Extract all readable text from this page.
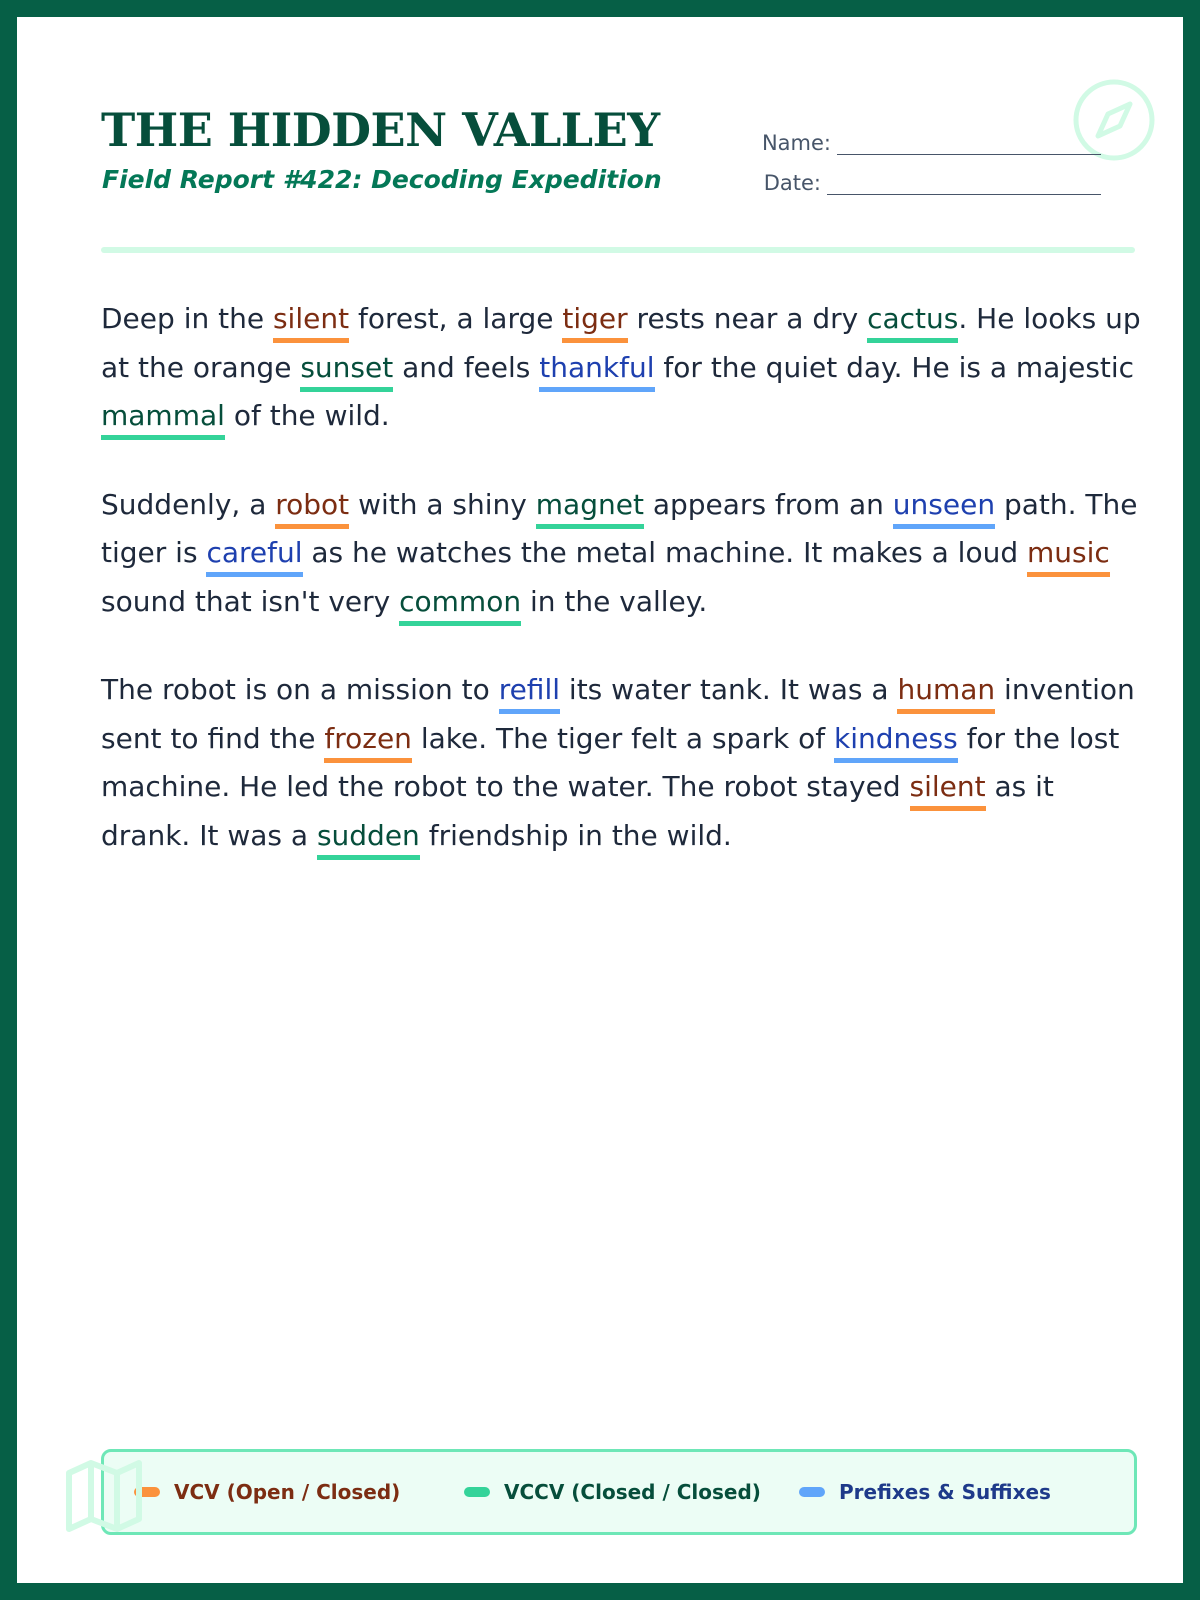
THE HIDDEN VALLEY

Field Report #422: Decoding Expedition

Name:
Date:

Deep in the silent forest, a large tiger rests near a dry cactus. He looks up at the orange sunset and feels thankful for the quiet day. He is a majestic mammal of the wild.

Suddenly, a robot with a shiny magnet appears from an unseen path. The tiger is careful as he watches the metal machine. It makes a loud music sound that isn't very common in the valley.

The robot is on a mission to refill its water tank. It was a human invention sent to find the frozen lake. The tiger felt a spark of kindness for the lost machine. He led the robot to the water. The robot stayed silent as it drank. It was a sudden friendship in the wild.

VCV (Open / Closed)	VCCV (Closed / Closed)	Prefixes & Suffixes
